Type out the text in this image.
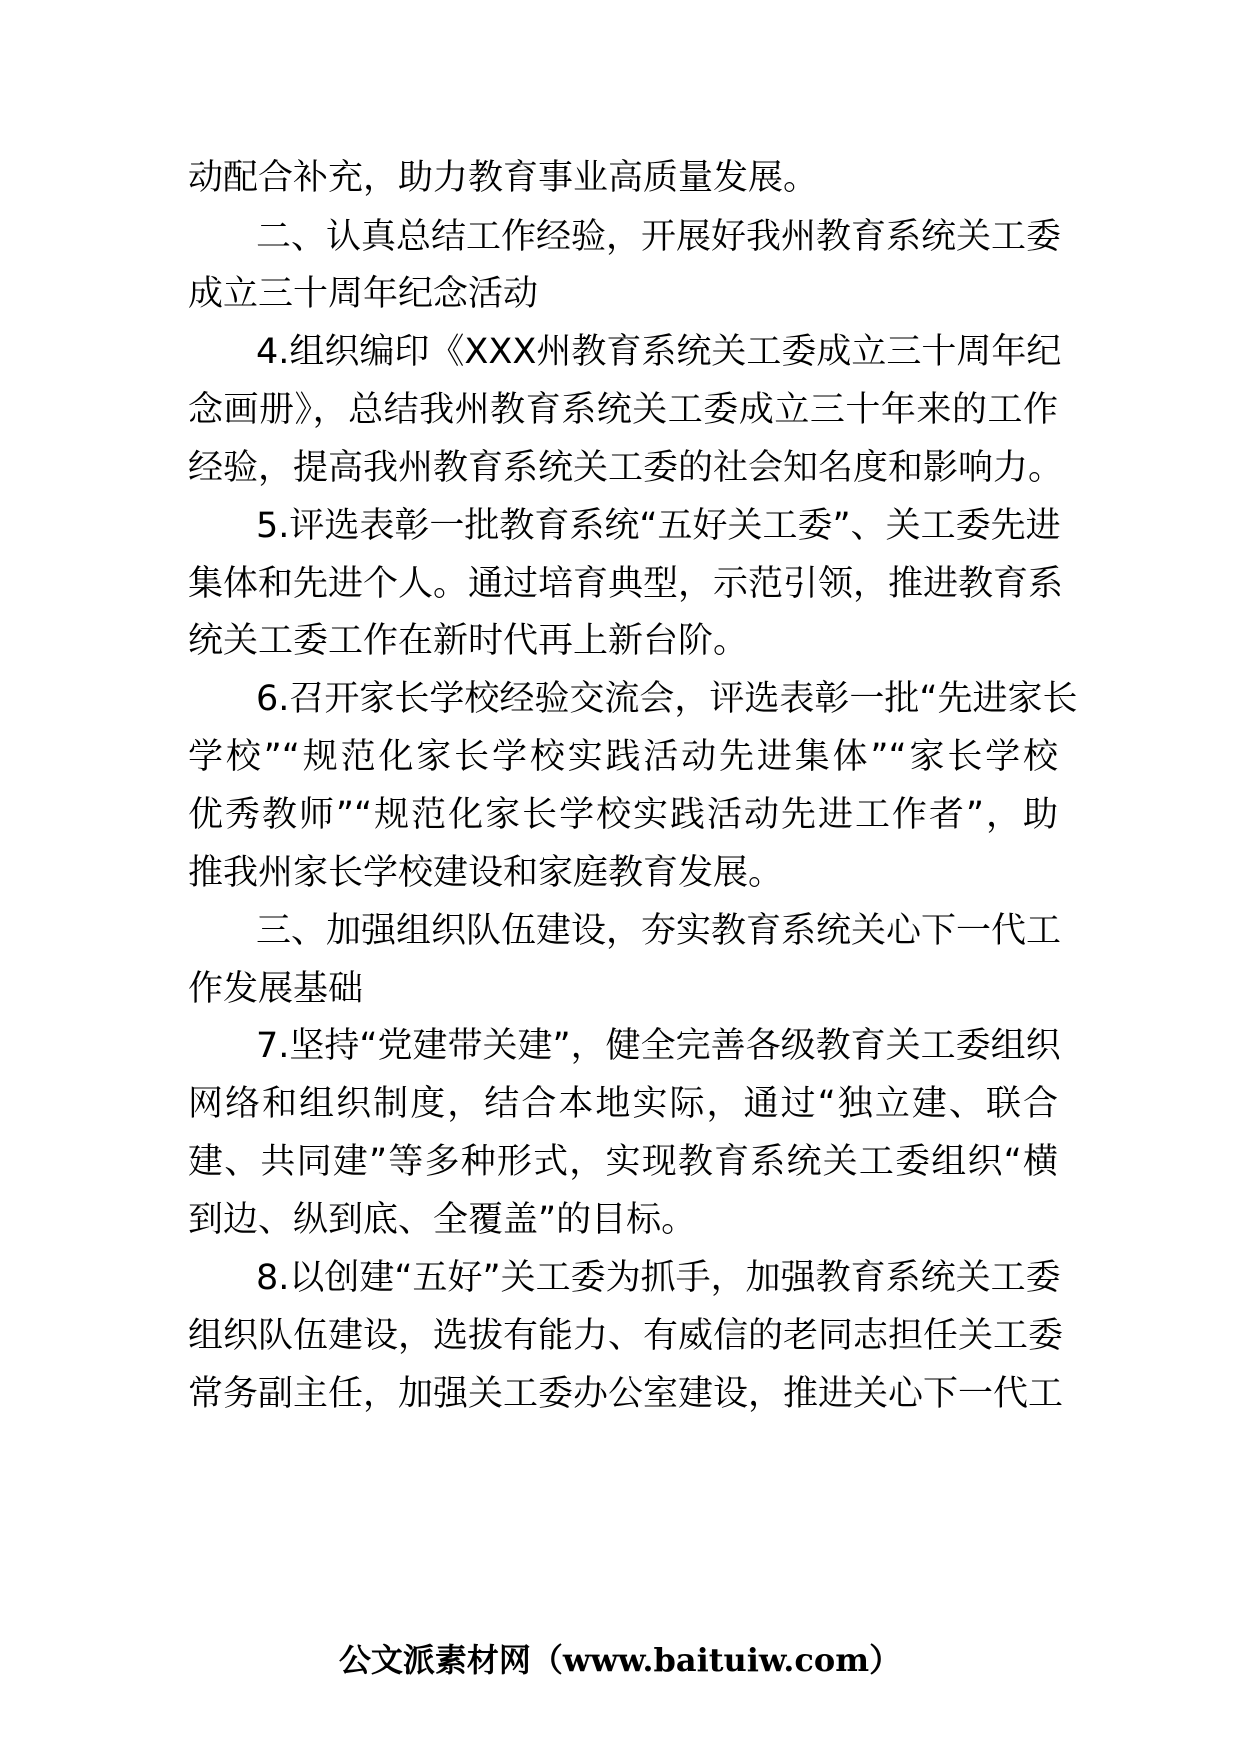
动配合补充，助力教育事业高质量发展。
二、认真总结工作经验，开展好我州教育系统关工委
成立三十周年纪念活动
4.组织编印《XXX州教育系统关工委成立三十周年纪
念画册》，总结我州教育系统关工委成立三十年来的工作
经验，提高我州教育系统关工委的社会知名度和影响力。
5.评选表彰一批教育系统“五好关工委”、关工委先进
集体和先进个人。通过培育典型，示范引领，推进教育系
统关工委工作在新时代再上新台阶。
6.召开家长学校经验交流会，评选表彰一批“先进家长
学校”“规范化家长学校实践活动先进集体”“家长学校
优秀教师”“规范化家长学校实践活动先进工作者”，助
推我州家长学校建设和家庭教育发展。
三、加强组织队伍建设，夯实教育系统关心下一代工
作发展基础
7.坚持“党建带关建”，健全完善各级教育关工委组织
网络和组织制度，结合本地实际，通过“独立建、联合
建、共同建”等多种形式，实现教育系统关工委组织“横
到边、纵到底、全覆盖”的目标。
8.以创建“五好”关工委为抓手，加强教育系统关工委
组织队伍建设，选拔有能力、有威信的老同志担任关工委
常务副主任，加强关工委办公室建设，推进关心下一代工
公文派素材网（www.baituiw.com）
